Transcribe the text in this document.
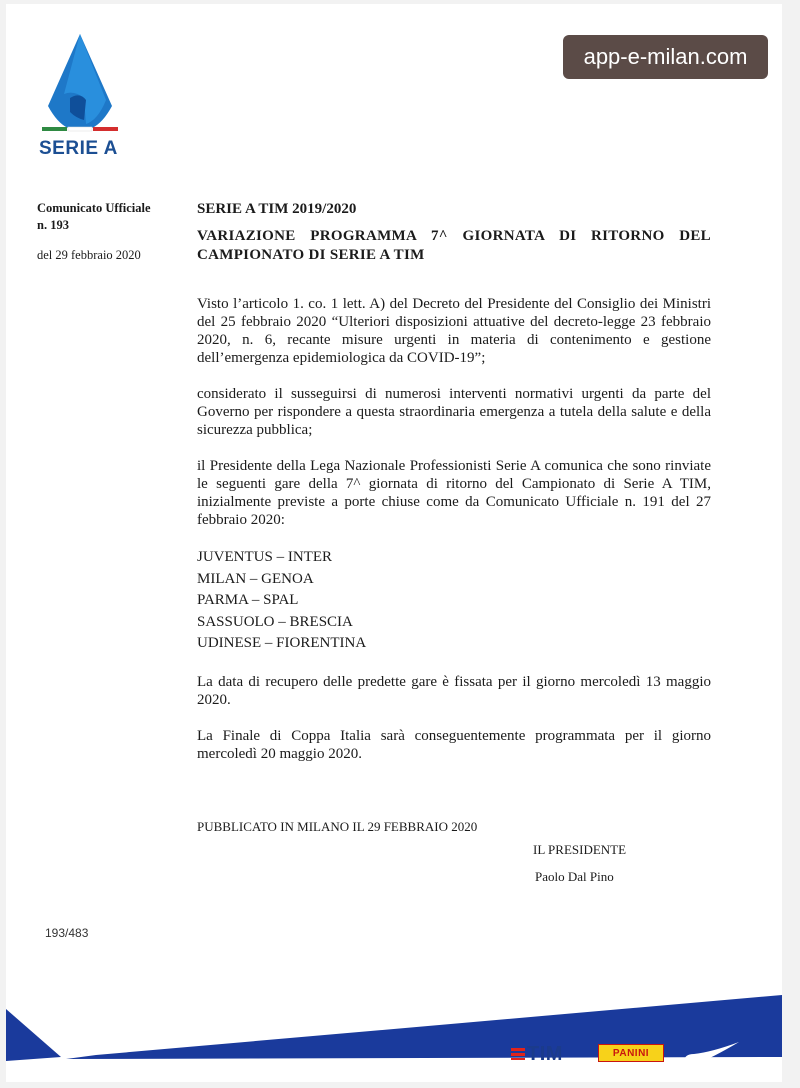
SERIE A
app-e-milan.com
Comunicato Ufficiale
n. 193
del 29 febbraio 2020
SERIE A TIM 2019/2020
VARIAZIONE PROGRAMMA 7^ GIORNATA DI RITORNO DEL CAMPIONATO DI SERIE A TIM

Visto l’articolo 1. co. 1 lett. A) del Decreto del Presidente del Consiglio dei Ministri del 25 febbraio 2020 “Ulteriori disposizioni attuative del decreto-legge 23 febbraio 2020, n. 6, recante misure urgenti in materia di contenimento e gestione dell’emergenza epidemiologica da COVID-19”;

considerato il susseguirsi di numerosi interventi normativi urgenti da parte del Governo per rispondere a questa straordinaria emergenza a tutela della salute e della sicurezza pubblica;

il Presidente della Lega Nazionale Professionisti Serie A comunica che sono rinviate le seguenti gare della 7^ giornata di ritorno del Campionato di Serie A TIM, inizialmente previste a porte chiuse come da Comunicato Ufficiale n. 191 del 27 febbraio 2020:

JUVENTUS – INTER
MILAN – GENOA
PARMA – SPAL
SASSUOLO – BRESCIA
UDINESE – FIORENTINA

La data di recupero delle predette gare è fissata per il giorno mercoledì 13 maggio 2020.

La Finale di Coppa Italia sarà conseguentemente programmata per il giorno mercoledì 20 maggio 2020.

PUBBLICATO IN MILANO IL 29 FEBBRAIO 2020
IL PRESIDENTE
Paolo Dal Pino
193/483
TIM	PANINI
